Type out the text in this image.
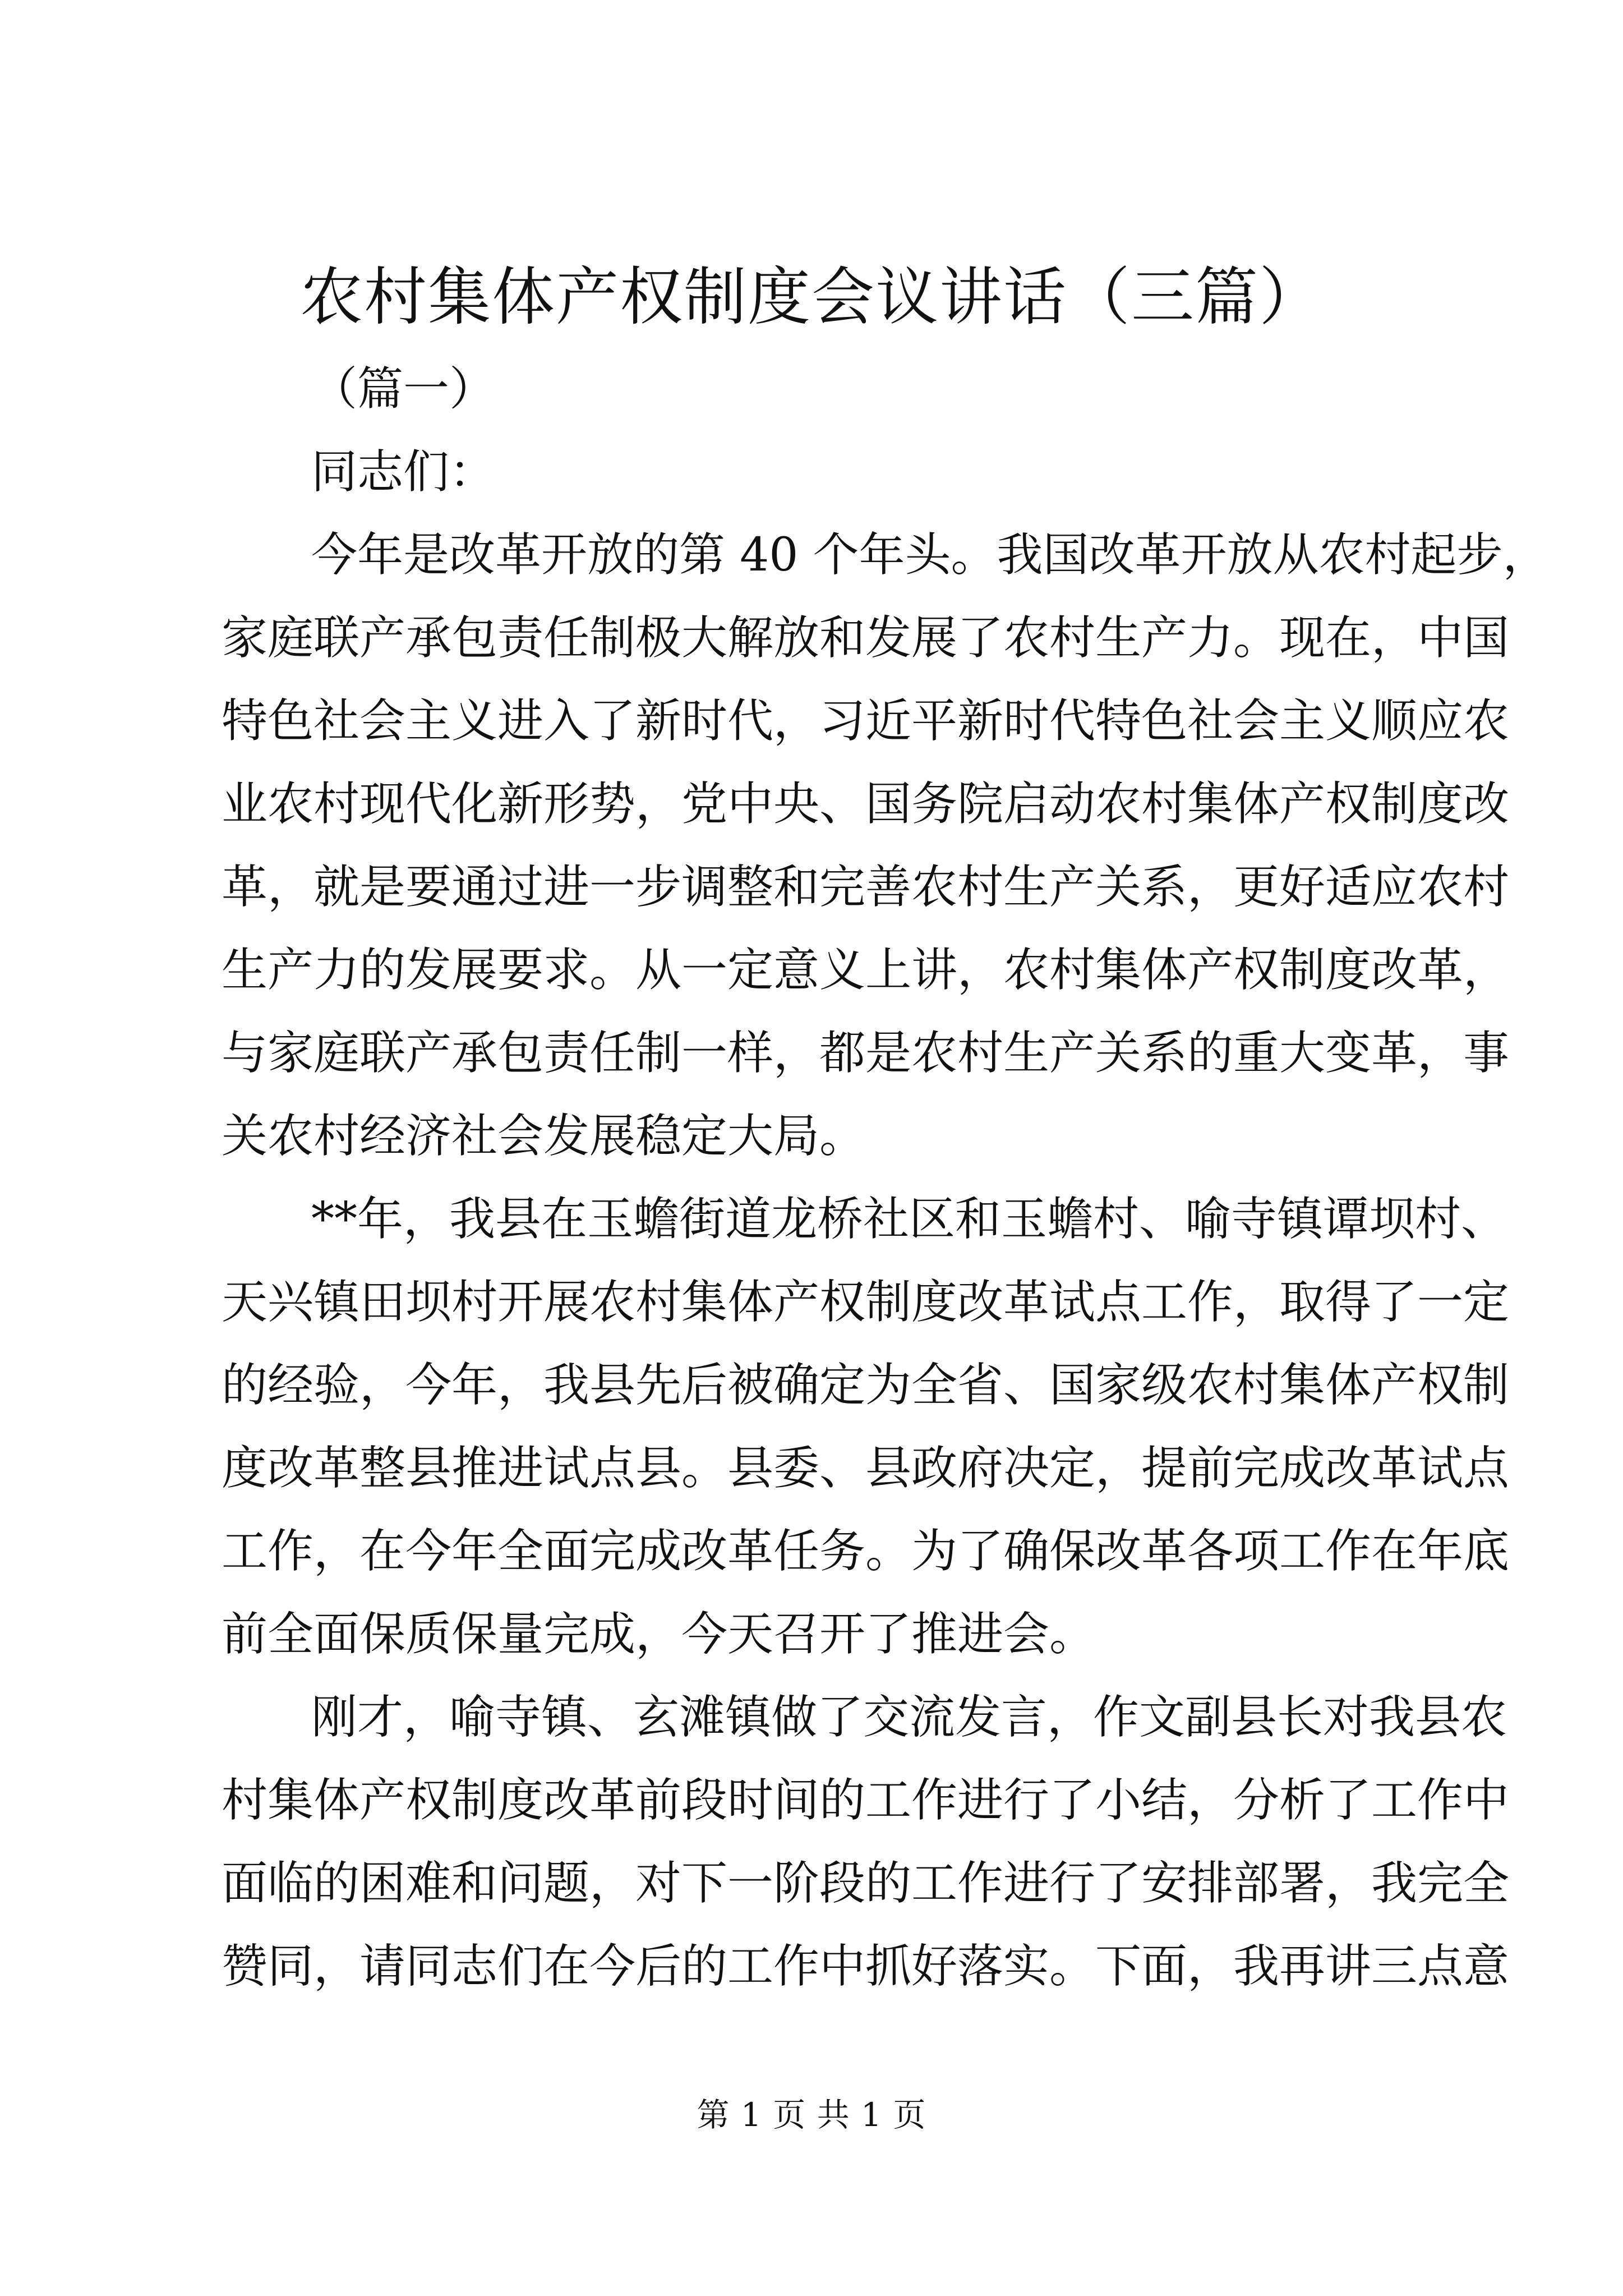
农村集体产权制度会议讲话（三篇）
（篇一）
同志们：
今年是改革开放的第 40 个年头。我国改革开放从农村起步，
家庭联产承包责任制极大解放和发展了农村生产力。现在，中国
特色社会主义进入了新时代，习近平新时代特色社会主义顺应农
业农村现代化新形势，党中央、国务院启动农村集体产权制度改
革，就是要通过进一步调整和完善农村生产关系，更好适应农村
生产力的发展要求。从一定意义上讲，农村集体产权制度改革，
与家庭联产承包责任制一样，都是农村生产关系的重大变革，事
关农村经济社会发展稳定大局。
**年，我县在玉蟾街道龙桥社区和玉蟾村、喻寺镇谭坝村、
天兴镇田坝村开展农村集体产权制度改革试点工作，取得了一定
的经验，今年，我县先后被确定为全省、国家级农村集体产权制
度改革整县推进试点县。县委、县政府决定，提前完成改革试点
工作，在今年全面完成改革任务。为了确保改革各项工作在年底
前全面保质保量完成，今天召开了推进会。
刚才，喻寺镇、玄滩镇做了交流发言，作文副县长对我县农
村集体产权制度改革前段时间的工作进行了小结，分析了工作中
面临的困难和问题，对下一阶段的工作进行了安排部署，我完全
赞同，请同志们在今后的工作中抓好落实。下面，我再讲三点意
第 1 页 共 1 页
